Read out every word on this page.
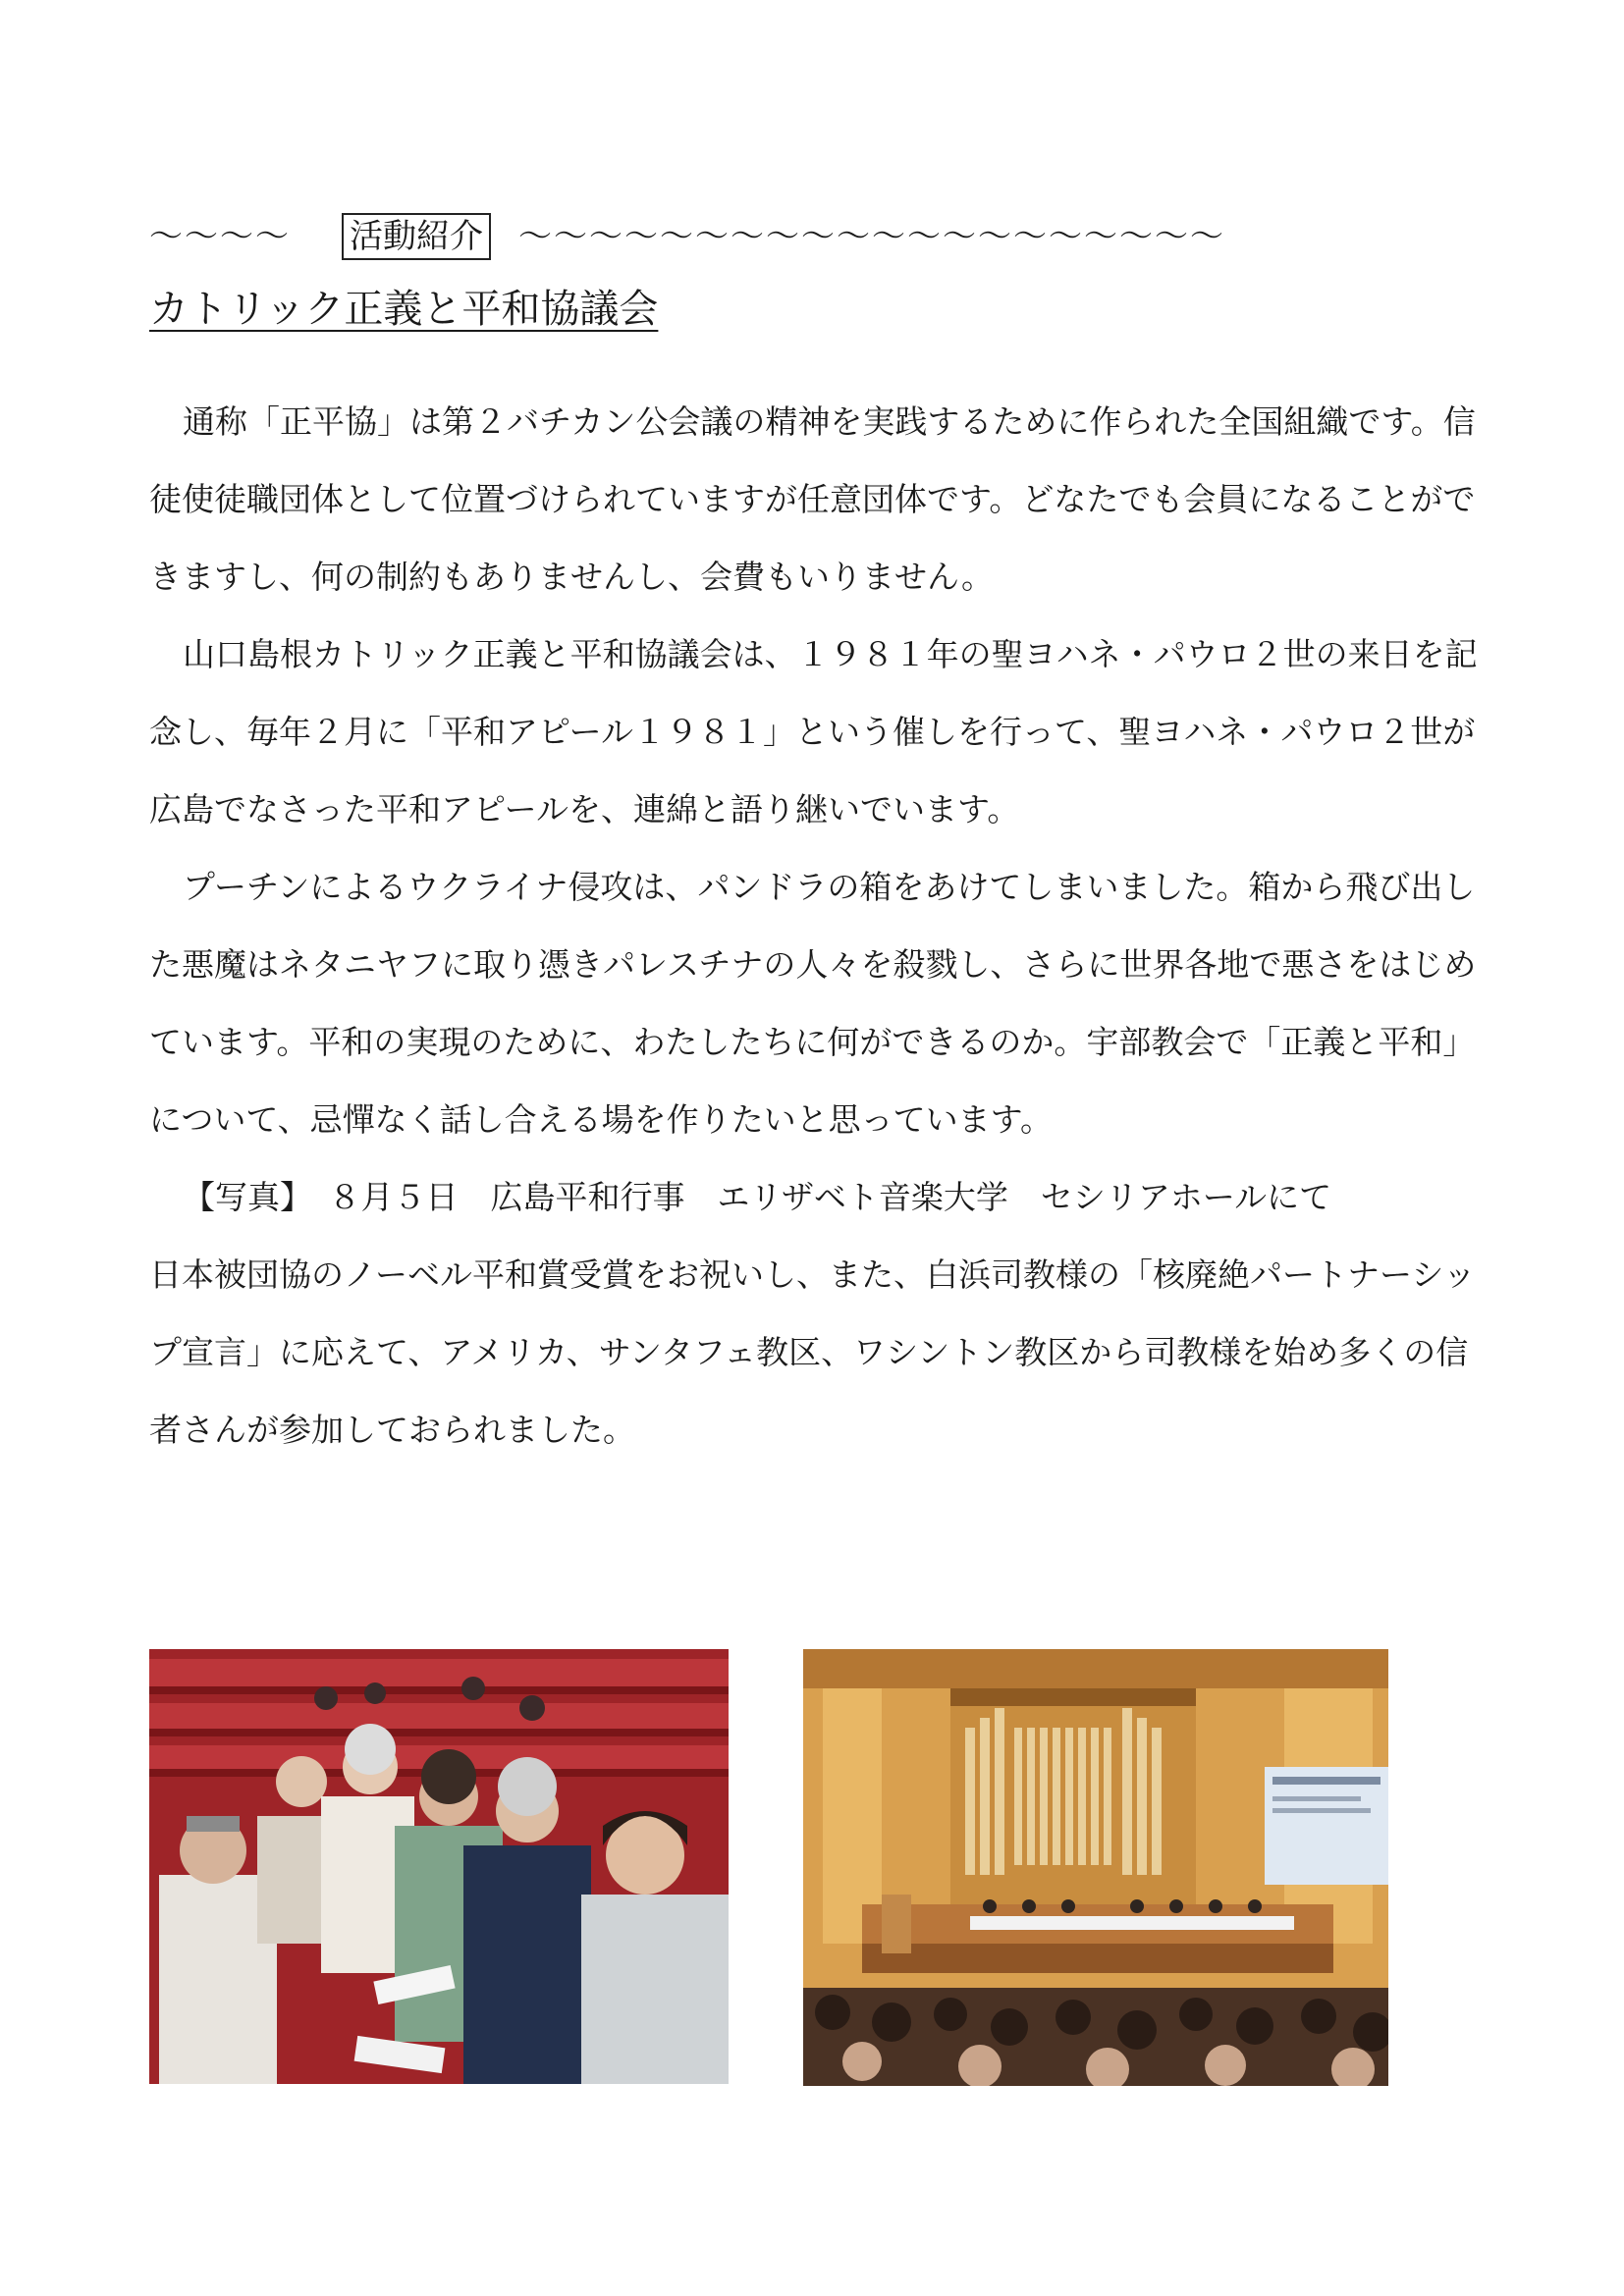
～～～～ 活動紹介 ～～～～～～～～～～～～～～～～～～～～
カトリック正義と平和協議会

通称「正平協」は第２バチカン公会議の精神を実践するために作られた全国組織です。信徒使徒職団体として位置づけられていますが任意団体です。どなたでも会員になることができますし、何の制約もありませんし、会費もいりません。

山口島根カトリック正義と平和協議会は、１９８１年の聖ヨハネ・パウロ２世の来日を記念し、毎年２月に「平和アピール１９８１」という催しを行って、聖ヨハネ・パウロ２世が広島でなさった平和アピールを、連綿と語り継いでいます。

プーチンによるウクライナ侵攻は、パンドラの箱をあけてしまいました。箱から飛び出した悪魔はネタニヤフに取り憑きパレスチナの人々を殺戮し、さらに世界各地で悪さをはじめています。平和の実現のために、わたしたちに何ができるのか。宇部教会で「正義と平和」について、忌憚なく話し合える場を作りたいと思っています。

【写真】　８月５日　広島平和行事　エリザベト音楽大学　セシリアホールにて

日本被団協のノーベル平和賞受賞をお祝いし、また、白浜司教様の「核廃絶パートナーシップ宣言」に応えて、アメリカ、サンタフェ教区、ワシントン教区から司教様を始め多くの信者さんが参加しておられました。
